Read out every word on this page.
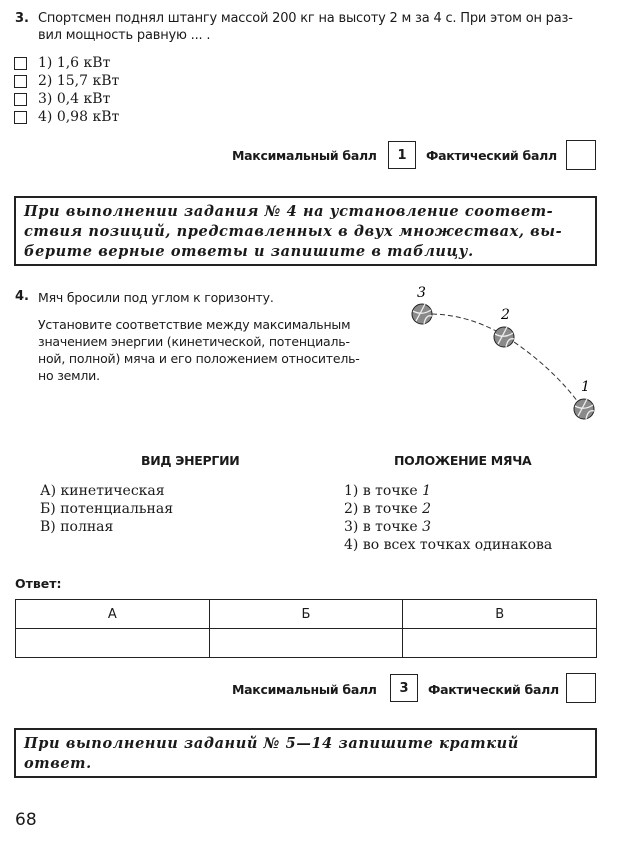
3. Спортсмен поднял штангу массой 200 кг на высоту 2 м за 4 с. При этом он раз-
вил мощность равную ... .
1) 1,6 кВт
2) 15,7 кВт
3) 0,4 кВт
4) 0,98 кВт
Максимальный балл	1	Фактический балл
При выполнении задания № 4 на установление соответ-
ствия позиций, представленных в двух множествах, вы-
берите верные ответы и запишите в таблицу.
4. Мяч бросили под углом к горизонту.
Установите соответствие между максимальным
значением энергии (кинетической, потенциаль-
ной, полной) мяча и его положением относитель-
но земли.
3
2
1
ВИД ЭНЕРГИИ	ПОЛОЖЕНИЕ МЯЧА
А) кинетическая
Б) потенциальная
В) полная
1) в точке 1
2) в точке 2
3) в точке 3
4) во всех точках одинакова
Ответ:
А	Б	В

Максимальный балл	3	Фактический балл
При выполнении заданий № 5—14 запишите краткий
ответ.
68
